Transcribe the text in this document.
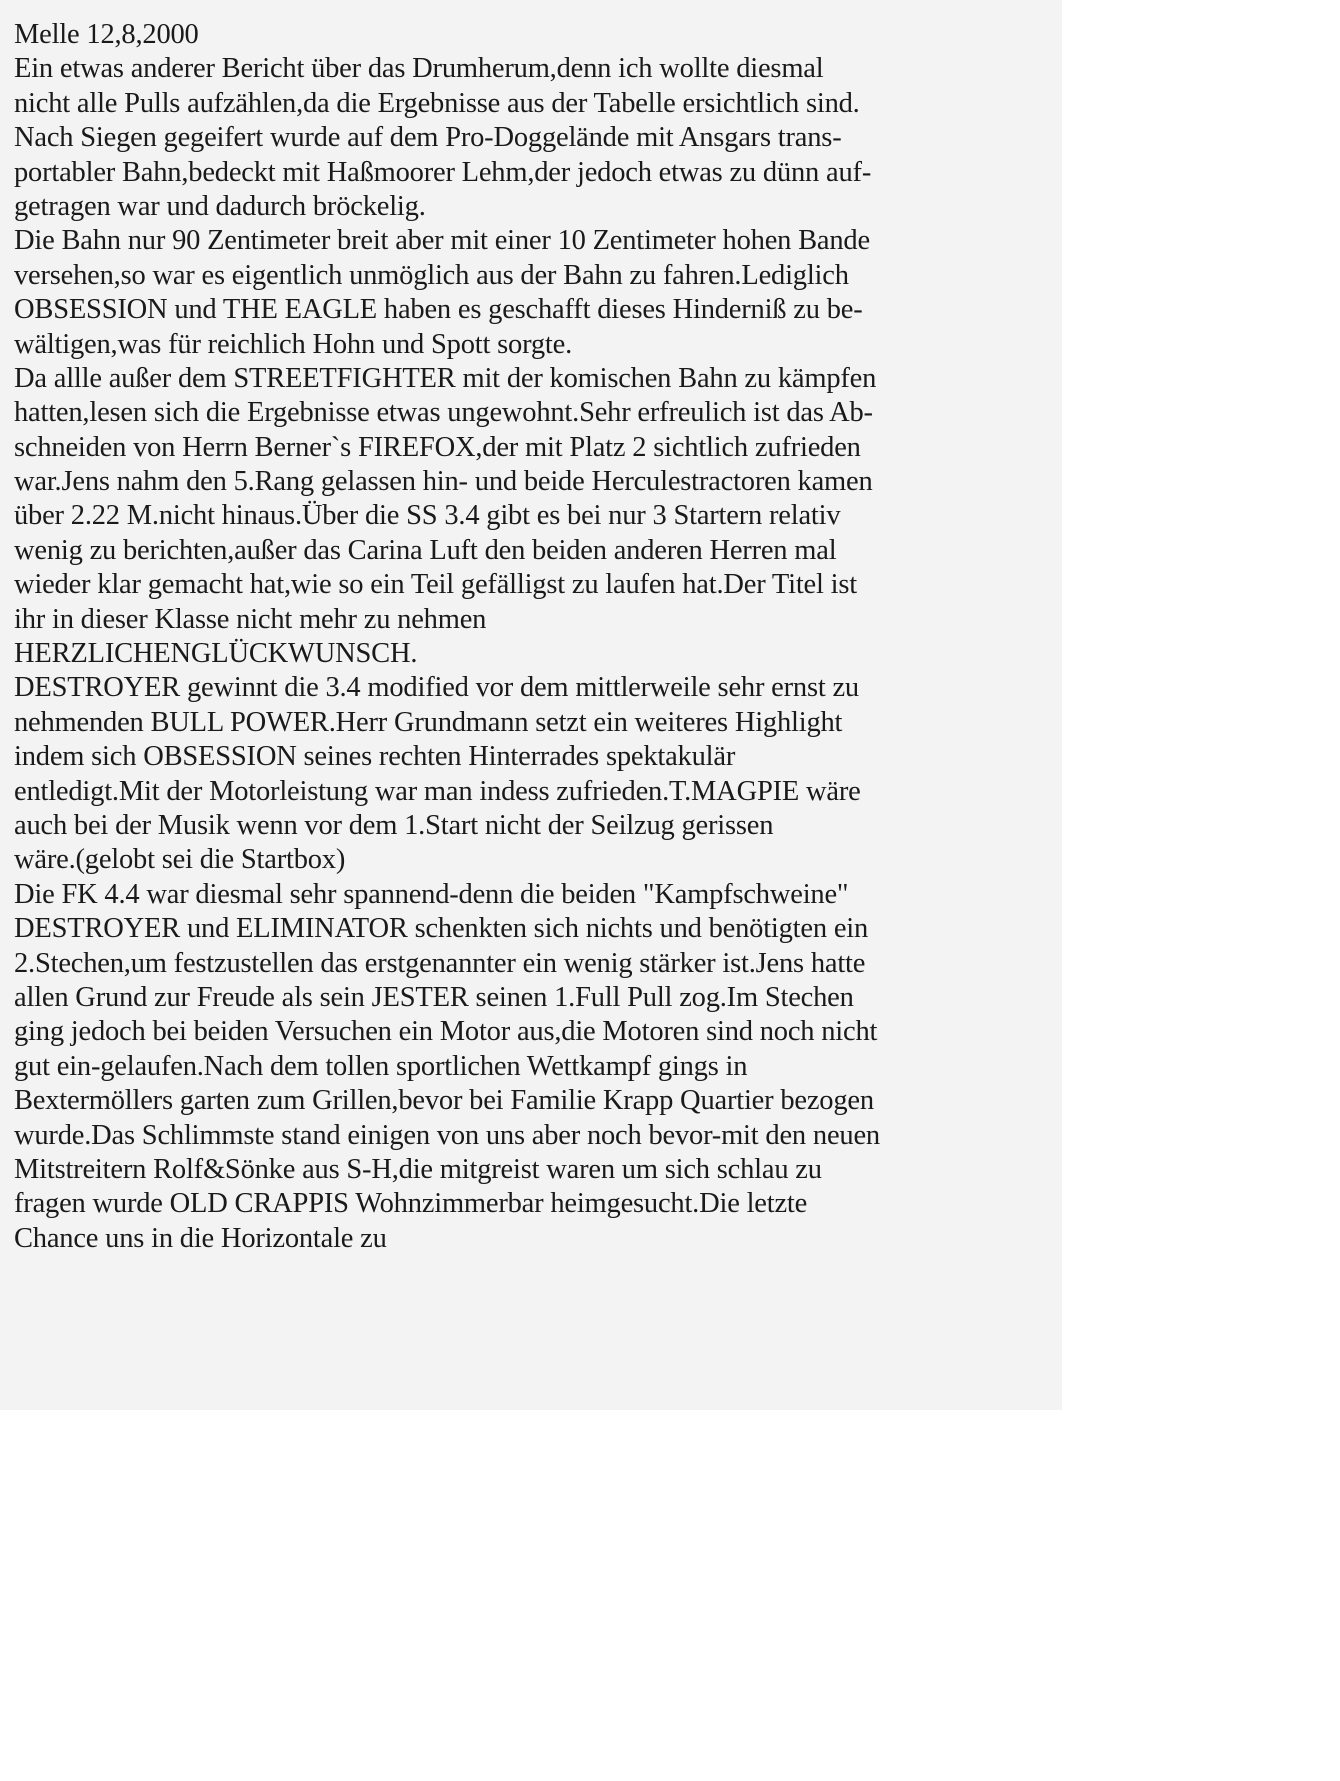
Melle 12,8,2000
Ein etwas anderer Bericht über das Drumherum,denn ich wollte diesmal
nicht alle Pulls aufzählen,da die Ergebnisse aus der Tabelle ersichtlich sind.
Nach Siegen gegeifert wurde auf dem Pro-Doggelände mit Ansgars trans-
portabler Bahn,bedeckt mit Haßmoorer Lehm,der jedoch etwas zu dünn auf-
getragen war und dadurch bröckelig.
Die Bahn nur 90 Zentimeter breit aber mit einer 10 Zentimeter hohen Bande
versehen,so war es eigentlich unmöglich aus der Bahn zu fahren.Lediglich
OBSESSION und THE EAGLE haben es geschafft dieses Hinderniß zu be-
wältigen,was für reichlich Hohn und Spott sorgte.
Da allle außer dem STREETFIGHTER mit der komischen Bahn zu kämpfen
hatten,lesen sich die Ergebnisse etwas ungewohnt.Sehr erfreulich ist das Ab-
schneiden von Herrn Berner`s FIREFOX,der mit Platz 2 sichtlich zufrieden
war.Jens nahm den 5.Rang gelassen hin- und beide Herculestractoren kamen
über 2.22 M.nicht hinaus.Über die SS 3.4 gibt es bei nur 3 Startern relativ
wenig zu berichten,außer das Carina Luft den beiden anderen Herren mal
wieder klar gemacht hat,wie so ein Teil gefälligst zu laufen hat.Der Titel ist
ihr in dieser Klasse nicht mehr zu nehmen
HERZLICHENGLÜCKWUNSCH.
DESTROYER gewinnt die 3.4 modified vor dem mittlerweile sehr ernst zu
nehmenden BULL POWER.Herr Grundmann setzt ein weiteres Highlight
indem sich OBSESSION seines rechten Hinterrades spektakulär
entledigt.Mit der Motorleistung war man indess zufrieden.T.MAGPIE wäre
auch bei der Musik wenn vor dem 1.Start nicht der Seilzug gerissen
wäre.(gelobt sei die Startbox)
Die FK 4.4 war diesmal sehr spannend-denn die beiden "Kampfschweine"
DESTROYER und ELIMINATOR schenkten sich nichts und benötigten ein
2.Stechen,um festzustellen das erstgenannter ein wenig stärker ist.Jens hatte
allen Grund zur Freude als sein JESTER seinen 1.Full Pull zog.Im Stechen
ging jedoch bei beiden Versuchen ein Motor aus,die Motoren sind noch nicht
gut ein-gelaufen.Nach dem tollen sportlichen Wettkampf gings in
Bextermöllers garten zum Grillen,bevor bei Familie Krapp Quartier bezogen
wurde.Das Schlimmste stand einigen von uns aber noch bevor-mit den neuen
Mitstreitern Rolf&Sönke aus S-H,die mitgreist waren um sich schlau zu
fragen wurde OLD CRAPPIS Wohnzimmerbar heimgesucht.Die letzte
Chance uns in die Horizontale zu
